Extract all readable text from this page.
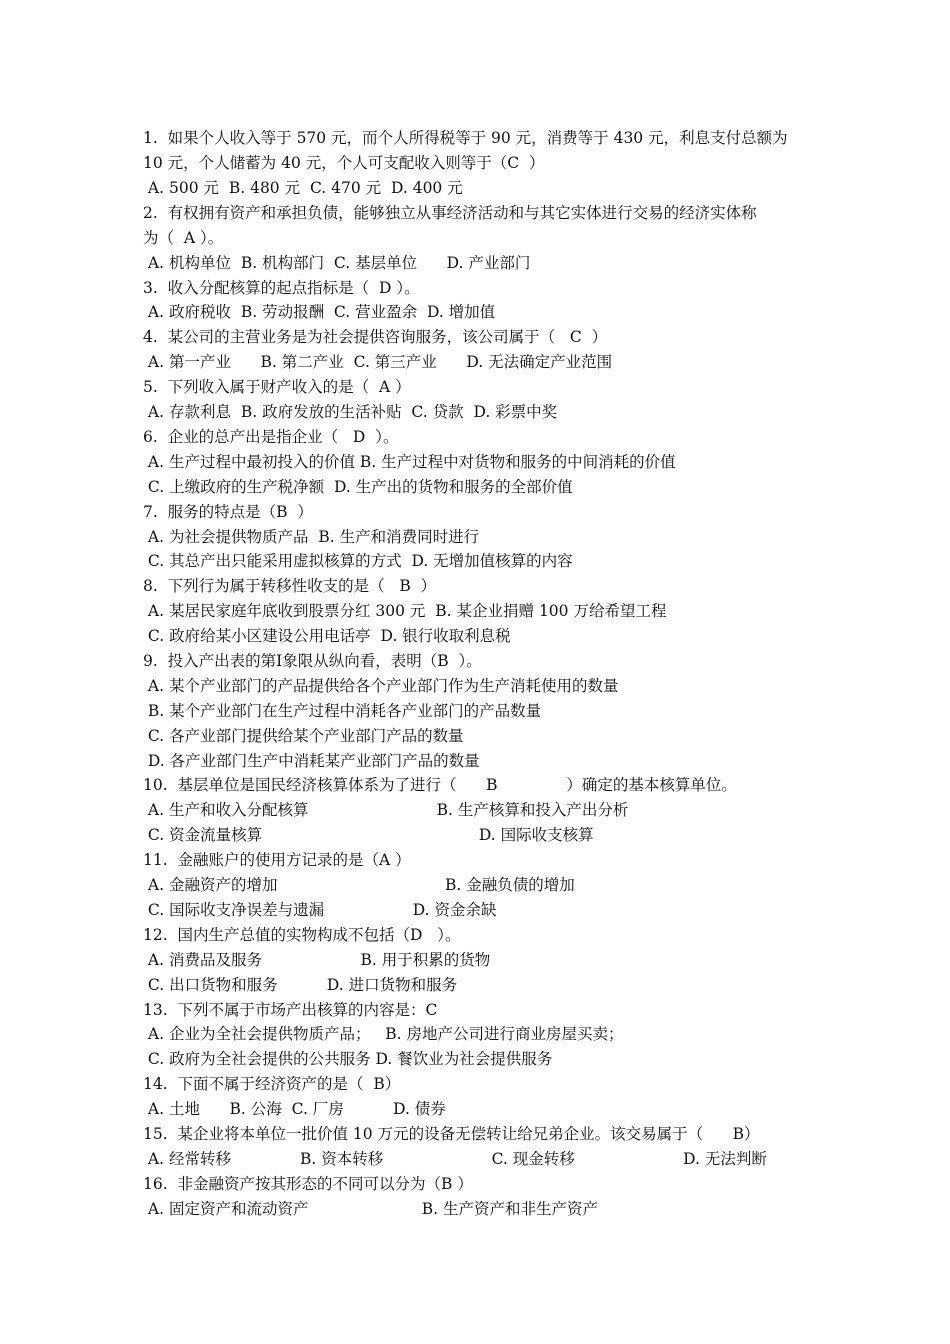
1.  如果个人收入等于 570 元，而个人所得税等于 90 元，消费等于 430 元，利息支付总额为
10 元，个人储蓄为 40 元，个人可支配收入则等于（C  ）
A. 500 元  B. 480 元  C. 470 元  D. 400 元
2.  有权拥有资产和承担负债，能够独立从事经济活动和与其它实体进行交易的经济实体称
为（  A ）。
A. 机构单位  B. 机构部门  C. 基层单位      D. 产业部门
3.  收入分配核算的起点指标是（  D ）。
A. 政府税收  B. 劳动报酬  C. 营业盈余  D. 增加值
4.  某公司的主营业务是为社会提供咨询服务，该公司属于（   C  ）
A. 第一产业      B. 第二产业  C. 第三产业      D. 无法确定产业范围
5.  下列收入属于财产收入的是（  A ）
A. 存款利息  B. 政府发放的生活补贴  C. 贷款  D. 彩票中奖
6.  企业的总产出是指企业（   D  ）。
A. 生产过程中最初投入的价值 B. 生产过程中对货物和服务的中间消耗的价值
C. 上缴政府的生产税净额  D. 生产出的货物和服务的全部价值
7.  服务的特点是（B  ）
A. 为社会提供物质产品  B. 生产和消费同时进行
C. 其总产出只能采用虚拟核算的方式  D. 无增加值核算的内容
8.  下列行为属于转移性收支的是（   B  ）
A. 某居民家庭年底收到股票分红 300 元  B. 某企业捐赠 100 万给希望工程
C. 政府给某小区建设公用电话亭  D. 银行收取利息税
9.  投入产出表的第Ⅰ象限从纵向看，表明（B  ）。
A. 某个产业部门的产品提供给各个产业部门作为生产消耗使用的数量
B. 某个产业部门在生产过程中消耗各产业部门的产品数量
C. 各产业部门提供给某个产业部门产品的数量
D. 各产业部门生产中消耗某产业部门产品的数量
10.  基层单位是国民经济核算体系为了进行（      B              ）确定的基本核算单位。
A. 生产和收入分配核算                          B. 生产核算和投入产出分析
C. 资金流量核算                                            D. 国际收支核算
11.  金融账户的使用方记录的是（A ）
A. 金融资产的增加                                  B. 金融负债的增加
C. 国际收支净误差与遗漏                  D. 资金余缺
12.  国内生产总值的实物构成不包括（D   ）。
A. 消费品及服务                    B. 用于积累的货物
C. 出口货物和服务          D. 进口货物和服务
13.  下列不属于市场产出核算的内容是：C
A. 企业为全社会提供物质产品；   B. 房地产公司进行商业房屋买卖；
C. 政府为全社会提供的公共服务 D. 餐饮业为社会提供服务
14.  下面不属于经济资产的是（  B）
A. 土地      B. 公海  C. 厂房          D. 债券
15.  某企业将本单位一批价值 10 万元的设备无偿转让给兄弟企业。该交易属于（      B）
A. 经常转移              B. 资本转移                      C. 现金转移                      D. 无法判断
16.  非金融资产按其形态的不同可以分为（B ）
A. 固定资产和流动资产                       B. 生产资产和非生产资产
